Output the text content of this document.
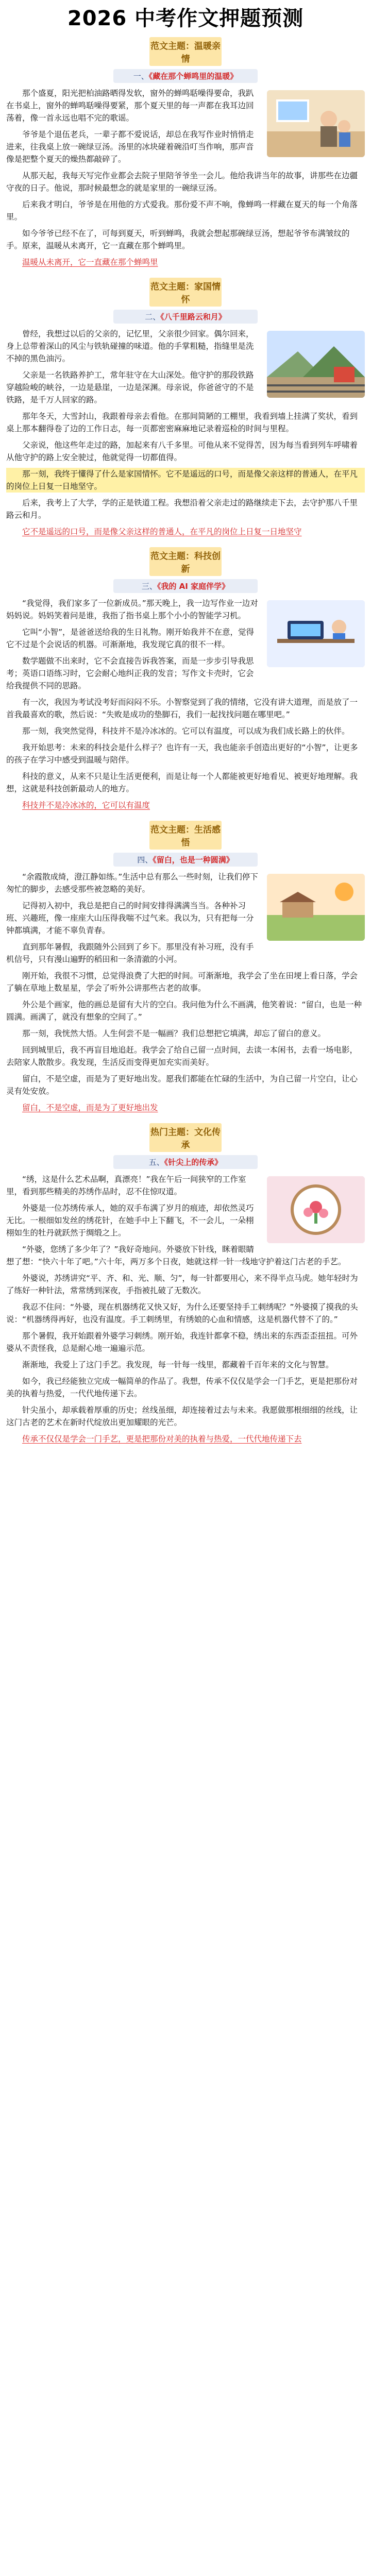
2026 中考作文押题预测
范文主题：温暖亲情
一、《藏在那个蝉鸣里的温暖》

那个盛夏，阳光把柏油路晒得发软，窗外的蝉鸣聒噪得要命，我趴在书桌上，窗外的蝉鸣聒噪得要紧，那个夏天里的每一声都在我耳边回荡着，像一首永远也唱不完的歌谣。

爷爷是个退伍老兵，一辈子都不爱说话，却总在我写作业时悄悄走进来，往我桌上放一碗绿豆汤。汤里的冰块碰着碗沿叮当作响，那声音像是把整个夏天的燥热都敲碎了。

从那天起，我每天写完作业都会去院子里陪爷爷坐一会儿。他给我讲当年的故事，讲那些在边疆守夜的日子。他说，那时候最想念的就是家里的一碗绿豆汤。

后来我才明白，爷爷是在用他的方式爱我。那份爱不声不响，像蝉鸣一样藏在夏天的每一个角落里。

如今爷爷已经不在了，可每到夏天，听到蝉鸣，我就会想起那碗绿豆汤，想起爷爷布满皱纹的手。原来，温暖从未离开，它一直藏在那个蝉鸣里。

温暖从未离开，它一直藏在那个蝉鸣里

范文主题：家国情怀
二、《八千里路云和月》

曾经，我想过以后的父亲的，记忆里，父亲很少回家。偶尔回来，身上总带着深山的风尘与铁轨碰撞的味道。他的手掌粗糙，指缝里是洗不掉的黑色油污。

父亲是一名铁路养护工，常年驻守在大山深处。他守护的那段铁路穿越险峻的峡谷，一边是悬崖，一边是深渊。母亲说，你爸爸守的不是铁路，是千万人回家的路。

那年冬天，大雪封山，我跟着母亲去看他。在那间简陋的工棚里，我看到墙上挂满了奖状，看到桌上那本翻得卷了边的工作日志，每一页都密密麻麻地记录着巡检的时间与里程。

父亲说，他这些年走过的路，加起来有八千多里。可他从来不觉得苦，因为每当看到列车呼啸着从他守护的路上安全驶过，他就觉得一切都值得。

那一刻，我终于懂得了什么是家国情怀。它不是遥远的口号，而是像父亲这样的普通人，在平凡的岗位上日复一日地坚守。

后来，我考上了大学，学的正是铁道工程。我想沿着父亲走过的路继续走下去，去守护那八千里路云和月。

它不是遥远的口号，而是像父亲这样的普通人，在平凡的岗位上日复一日地坚守

范文主题：科技创新
三、《我的 AI 家庭伴学》

“我觉得，我们家多了一位新成员。”那天晚上，我一边写作业一边对妈妈说。妈妈笑着问是谁，我指了指书桌上那个小小的智能学习机。

它叫“小智”，是爸爸送给我的生日礼物。刚开始我并不在意，觉得它不过是个会说话的机器。可渐渐地，我发现它真的很不一样。

数学题做不出来时，它不会直接告诉我答案，而是一步步引导我思考；英语口语练习时，它会耐心地纠正我的发音；写作文卡壳时，它会给我提供不同的思路。

有一次，我因为考试没考好而闷闷不乐。小智察觉到了我的情绪，它没有讲大道理，而是放了一首我最喜欢的歌，然后说：“失败是成功的垫脚石，我们一起找找问题在哪里吧。”

那一刻，我突然觉得，科技并不是冷冰冰的。它可以有温度，可以成为我们成长路上的伙伴。

我开始思考：未来的科技会是什么样子？也许有一天，我也能亲手创造出更好的“小智”，让更多的孩子在学习中感受到温暖与陪伴。

科技的意义，从来不只是让生活更便利，而是让每一个人都能被更好地看见、被更好地理解。我想，这就是科技创新最动人的地方。

科技并不是冷冰冰的，它可以有温度

范文主题：生活感悟
四、《留白，也是一种圆满》

“余霞散成绮，澄江静如练。”生活中总有那么一些时刻，让我们停下匆忙的脚步，去感受那些被忽略的美好。

记得初入初中，我总是把自己的时间安排得满满当当。各种补习班、兴趣班，像一座座大山压得我喘不过气来。我以为，只有把每一分钟都填满，才能不辜负青春。

直到那年暑假，我跟随外公回到了乡下。那里没有补习班，没有手机信号，只有漫山遍野的稻田和一条清澈的小河。

刚开始，我很不习惯，总觉得浪费了大把的时间。可渐渐地，我学会了坐在田埂上看日落，学会了躺在草地上数星星，学会了听外公讲那些古老的故事。

外公是个画家，他的画总是留有大片的空白。我问他为什么不画满，他笑着说：“留白，也是一种圆满。画满了，就没有想象的空间了。”

那一刻，我恍然大悟。人生何尝不是一幅画？我们总想把它填满，却忘了留白的意义。

回到城里后，我不再盲目地追赶。我学会了给自己留一点时间，去读一本闲书，去看一场电影，去陪家人散散步。我发现，生活反而变得更加充实而美好。

留白，不是空虚，而是为了更好地出发。愿我们都能在忙碌的生活中，为自己留一片空白，让心灵有处安放。

留白，不是空虚，而是为了更好地出发

热门主题：文化传承
五、《针尖上的传承》

“绣，这是什么艺术品啊，真漂亮！”我在午后一间狭窄的工作室里，看到那些精美的苏绣作品时，忍不住惊叹道。

外婆是一位苏绣传承人，她的双手布满了岁月的痕迹，却依然灵巧无比。一根细如发丝的绣花针，在她手中上下翻飞，不一会儿，一朵栩栩如生的牡丹就跃然于绸缎之上。

“外婆，您绣了多少年了？”我好奇地问。外婆放下针线，眯着眼睛想了想：“快六十年了吧。”六十年，两万多个日夜，她就这样一针一线地守护着这门古老的手艺。

外婆说，苏绣讲究“平、齐、和、光、顺、匀”，每一针都要用心，来不得半点马虎。她年轻时为了练好一种针法，常常绣到深夜，手指被扎破了无数次。

我忍不住问：“外婆，现在机器绣花又快又好，为什么还要坚持手工刺绣呢？”外婆摸了摸我的头说：“机器绣得再好，也没有温度。手工刺绣里，有绣娘的心血和情感，这是机器代替不了的。”

那个暑假，我开始跟着外婆学习刺绣。刚开始，我连针都拿不稳，绣出来的东西歪歪扭扭。可外婆从不责怪我，总是耐心地一遍遍示范。

渐渐地，我爱上了这门手艺。我发现，每一针每一线里，都藏着千百年来的文化与智慧。

如今，我已经能独立完成一幅简单的作品了。我想，传承不仅仅是学会一门手艺，更是把那份对美的执着与热爱，一代代地传递下去。

针尖虽小，却承载着厚重的历史；丝线虽细，却连接着过去与未来。我愿做那根细细的丝线，让这门古老的艺术在新时代绽放出更加耀眼的光芒。

传承不仅仅是学会一门手艺，更是把那份对美的执着与热爱，一代代地传递下去
